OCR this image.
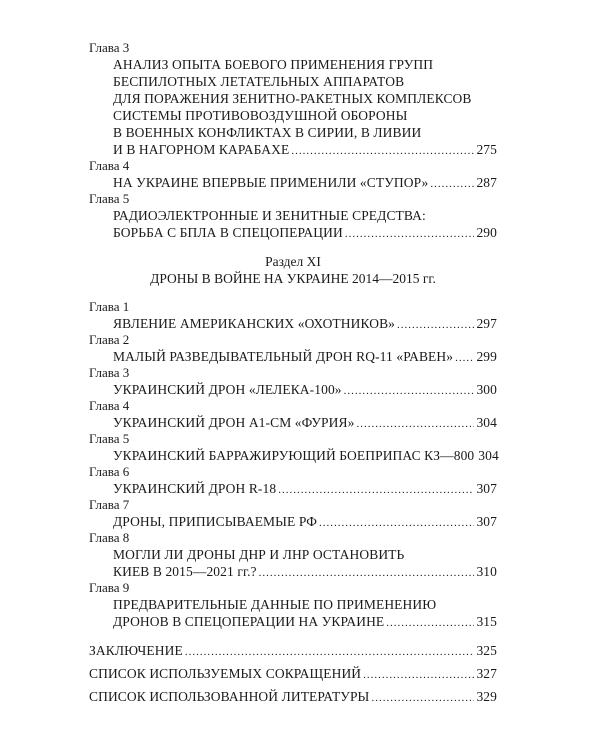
Глава 3
АНАЛИЗ ОПЫТА БОЕВОГО ПРИМЕНЕНИЯ ГРУПП
БЕСПИЛОТНЫХ ЛЕТАТЕЛЬНЫХ АППАРАТОВ
ДЛЯ ПОРАЖЕНИЯ ЗЕНИТНО-РАКЕТНЫХ КОМПЛЕКСОВ
СИСТЕМЫ ПРОТИВОВОЗДУШНОЙ ОБОРОНЫ
В ВОЕННЫХ КОНФЛИКТАХ В СИРИИ, В ЛИВИИ
И В НАГОРНОМ КАРАБАХЕ .....	275
Глава 4
НА УКРАИНЕ ВПЕРВЫЕ ПРИМЕНИЛИ «СТУПОР» .....	287
Глава 5
РАДИОЭЛЕКТРОННЫЕ И ЗЕНИТНЫЕ СРЕДСТВА:
БОРЬБА С БПЛА В СПЕЦОПЕРАЦИИ .....	290
Раздел XI
ДРОНЫ В ВОЙНЕ НА УКРАИНЕ 2014—2015 гг.
Глава 1
ЯВЛЕНИЕ АМЕРИКАНСКИХ «ОХОТНИКОВ» .....	297
Глава 2
МАЛЫЙ РАЗВЕДЫВАТЕЛЬНЫЙ ДРОН RQ-11 «РАВЕН» ..... 299
Глава 3
УКРАИНСКИЙ ДРОН «ЛЕЛЕКА-100» .....	300
Глава 4
УКРАИНСКИЙ ДРОН А1-СМ «ФУРИЯ» .....	304
Глава 5
УКРАИНСКИЙ БАРРАЖИРУЮЩИЙ БОЕПРИПАС КЗ—800 304
Глава 6
УКРАИНСКИЙ ДРОН R-18 .....	307
Глава 7
ДРОНЫ, ПРИПИСЫВАЕМЫЕ РФ .....	307
Глава 8
МОГЛИ ЛИ ДРОНЫ ДНР И ЛНР ОСТАНОВИТЬ
КИЕВ В 2015—2021 гг.? .....	310
Глава 9
ПРЕДВАРИТЕЛЬНЫЕ ДАННЫЕ ПО ПРИМЕНЕНИЮ
ДРОНОВ В СПЕЦОПЕРАЦИИ НА УКРАИНЕ .....	315
ЗАКЛЮЧЕНИЕ .....	325
СПИСОК ИСПОЛЬЗУЕМЫХ СОКРАЩЕНИЙ .....	327
СПИСОК ИСПОЛЬЗОВАННОЙ ЛИТЕРАТУРЫ .....	329
